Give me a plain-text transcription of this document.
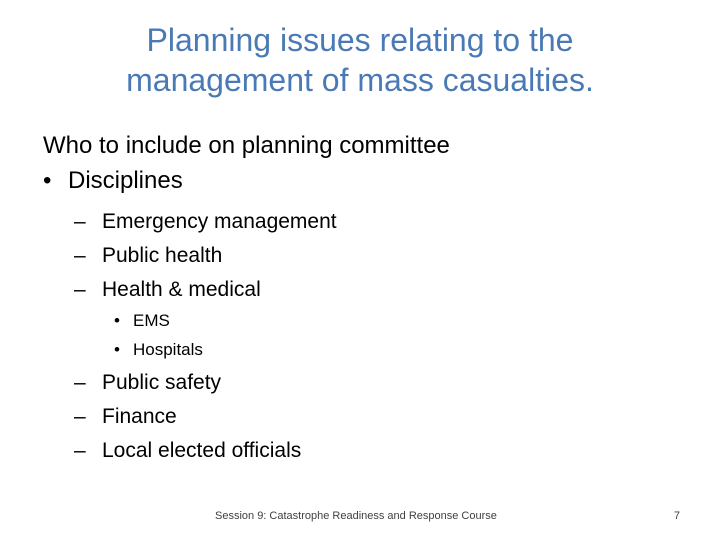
Planning issues relating to the
management of mass casualties.
Who to include on planning committee
• Disciplines
– Emergency management
– Public health
– Health & medical
• EMS
• Hospitals
– Public safety
– Finance
– Local elected officials
Session 9: Catastrophe Readiness and Response Course	7
